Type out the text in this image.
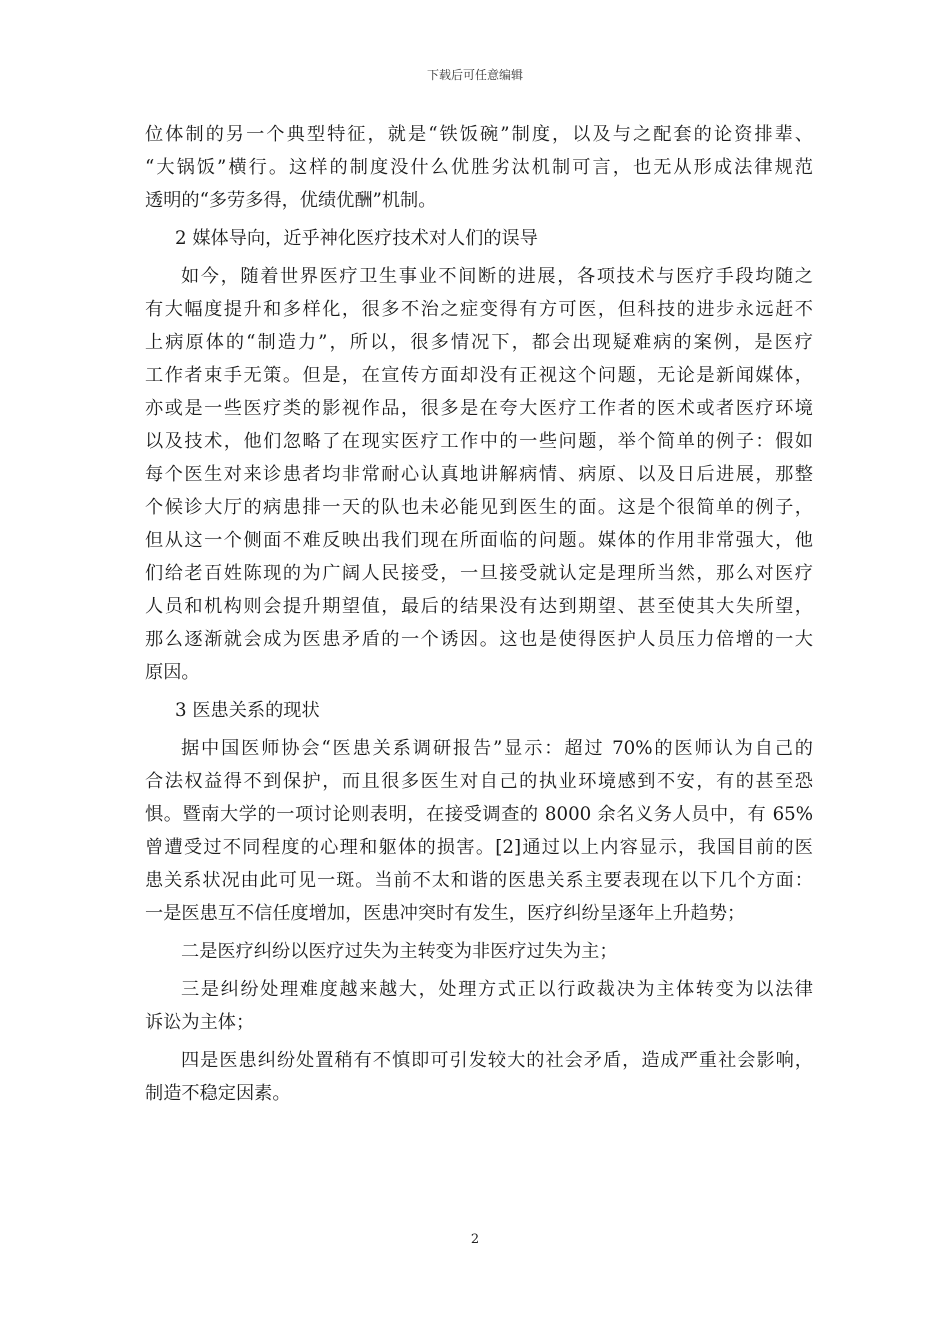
下载后可任意编辑
位体制的另一个典型特征，就是“铁饭碗”制度，以及与之配套的论资排辈、
“大锅饭”横行。这样的制度没什么优胜劣汰机制可言，也无从形成法律规范
透明的“多劳多得，优绩优酬”机制。
2 媒体导向，近乎神化医疗技术对人们的误导
如今，随着世界医疗卫生事业不间断的进展，各项技术与医疗手段均随之
有大幅度提升和多样化，很多不治之症变得有方可医，但科技的进步永远赶不
上病原体的“制造力”，所以，很多情况下，都会出现疑难病的案例，是医疗
工作者束手无策。但是，在宣传方面却没有正视这个问题，无论是新闻媒体，
亦或是一些医疗类的影视作品，很多是在夸大医疗工作者的医术或者医疗环境
以及技术，他们忽略了在现实医疗工作中的一些问题，举个简单的例子：假如
每个医生对来诊患者均非常耐心认真地讲解病情、病原、以及日后进展，那整
个候诊大厅的病患排一天的队也未必能见到医生的面。这是个很简单的例子，
但从这一个侧面不难反映出我们现在所面临的问题。媒体的作用非常强大，他
们给老百姓陈现的为广阔人民接受，一旦接受就认定是理所当然，那么对医疗
人员和机构则会提升期望值，最后的结果没有达到期望、甚至使其大失所望，
那么逐渐就会成为医患矛盾的一个诱因。这也是使得医护人员压力倍增的一大
原因。
3 医患关系的现状
据中国医师协会“医患关系调研报告”显示：超过 70%的医师认为自己的
合法权益得不到保护，而且很多医生对自己的执业环境感到不安，有的甚至恐
惧。暨南大学的一项讨论则表明，在接受调查的 8000 余名义务人员中，有 65%
曾遭受过不同程度的心理和躯体的损害。[2]通过以上内容显示，我国目前的医
患关系状况由此可见一斑。当前不太和谐的医患关系主要表现在以下几个方面：
一是医患互不信任度增加，医患冲突时有发生，医疗纠纷呈逐年上升趋势；
二是医疗纠纷以医疗过失为主转变为非医疗过失为主；
三是纠纷处理难度越来越大，处理方式正以行政裁决为主体转变为以法律
诉讼为主体；
四是医患纠纷处置稍有不慎即可引发较大的社会矛盾，造成严重社会影响，
制造不稳定因素。
2
